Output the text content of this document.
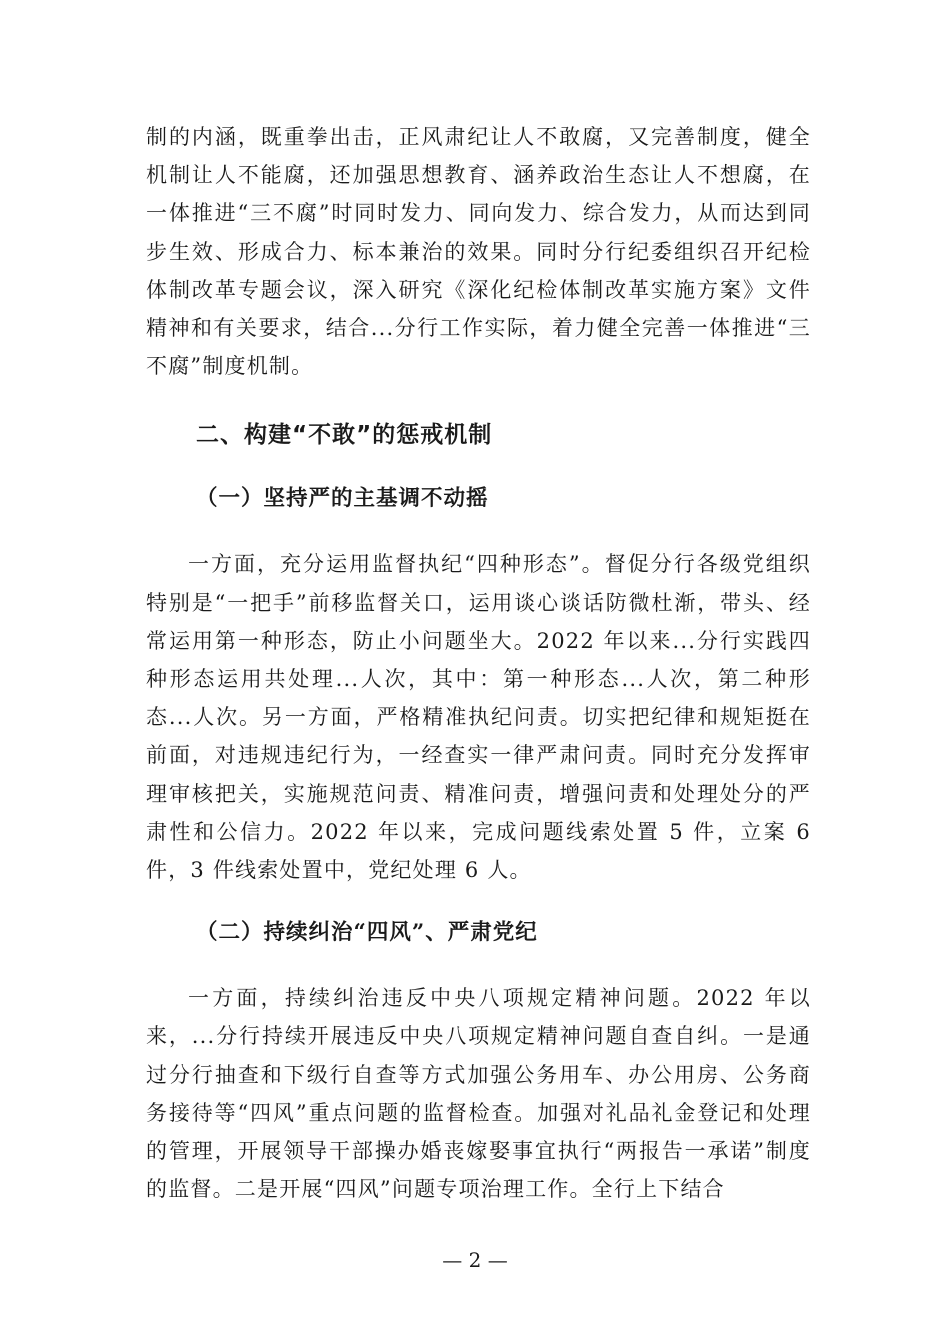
制的内涵，既重拳出击，正风肃纪让人不敢腐，又完善制度，健全机制让人不能腐，还加强思想教育、涵养政治生态让人不想腐，在一体推进“三不腐”时同时发力、同向发力、综合发力，从而达到同步生效、形成合力、标本兼治的效果。同时分行纪委组织召开纪检体制改革专题会议，深入研究《深化纪检体制改革实施方案》文件精神和有关要求，结合...分行工作实际，着力健全完善一体推进“三不腐”制度机制。

二、构建“不敢”的惩戒机制
（一）坚持严的主基调不动摇

一方面，充分运用监督执纪“四种形态”。督促分行各级党组织特别是“一把手”前移监督关口，运用谈心谈话防微杜渐，带头、经常运用第一种形态，防止小问题坐大。2022 年以来...分行实践四种形态运用共处理...人次，其中：第一种形态...人次，第二种形态...人次。另一方面，严格精准执纪问责。切实把纪律和规矩挺在前面，对违规违纪行为，一经查实一律严肃问责。同时充分发挥审理审核把关，实施规范问责、精准问责，增强问责和处理处分的严肃性和公信力。2022 年以来，完成问题线索处置 5 件，立案 6 件，3 件线索处置中，党纪处理 6 人。

（二）持续纠治“四风”、严肃党纪

一方面，持续纠治违反中央八项规定精神问题。2022 年以来，...分行持续开展违反中央八项规定精神问题自查自纠。一是通过分行抽查和下级行自查等方式加强公务用车、办公用房、公务商务接待等“四风”重点问题的监督检查。加强对礼品礼金登记和处理的管理，开展领导干部操办婚丧嫁娶事宜执行“两报告一承诺”制度的监督。二是开展“四风”问题专项治理工作。全行上下结合

— 2 —
